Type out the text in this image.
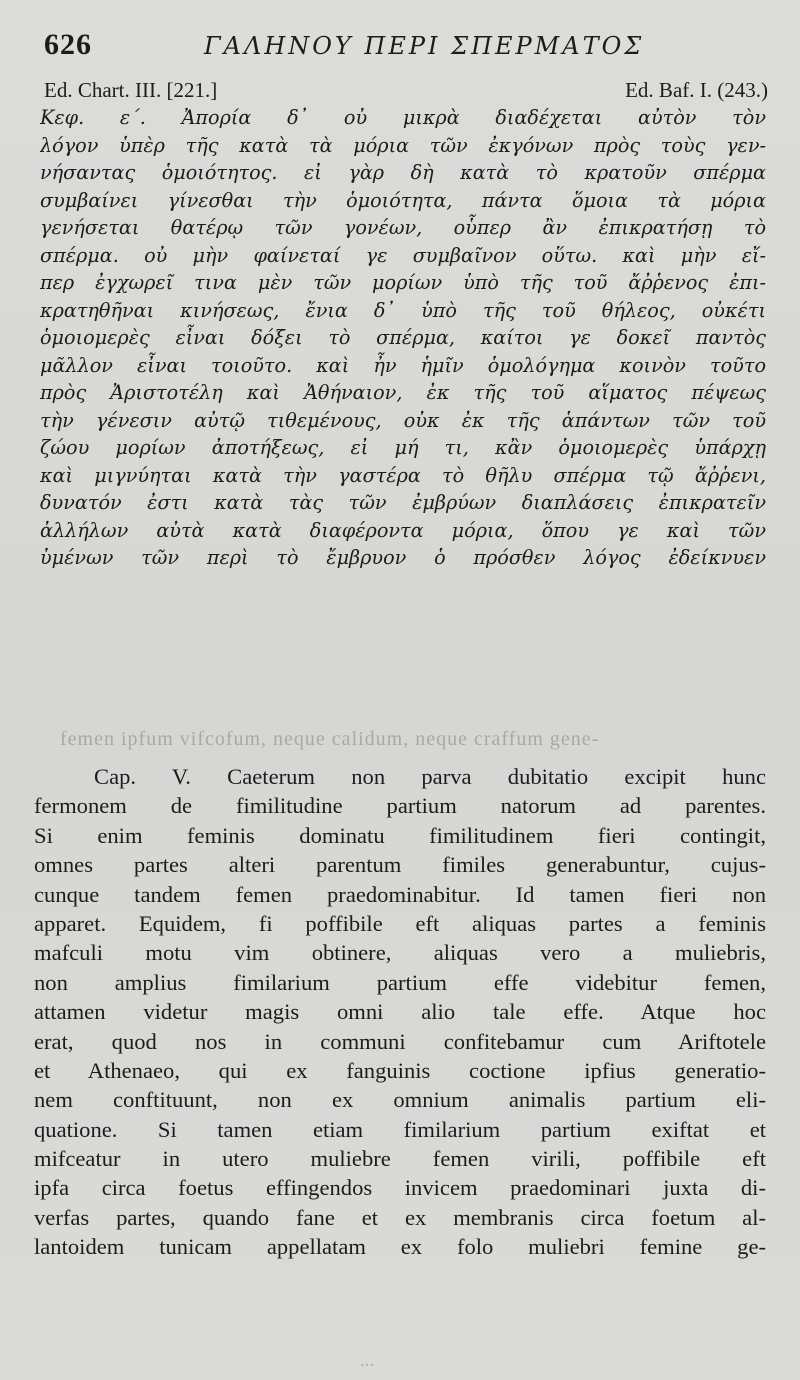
626	ΓΑΛΗΝΟΥ ΠΕΡΙ ΣΠΕΡΜΑΤΟΣ
Ed. Chart. III. [221.]	Ed. Baf. I. (243.)
Κεφ. ε΄. Ἀπορία δ᾽ οὐ μικρὰ διαδέχεται αὐτὸν τὸν
λόγον ὑπὲρ τῆς κατὰ τὰ μόρια τῶν ἐκγόνων πρὸς τοὺς γεν-
νήσαντας ὁμοιότητος. εἰ γὰρ δὴ κατὰ τὸ κρατοῦν σπέρμα
συμβαίνει γίνεσθαι τὴν ὁμοιότητα, πάντα ὅμοια τὰ μόρια
γενήσεται θατέρῳ τῶν γονέων, οὗπερ ἂν ἐπικρατήσῃ τὸ
σπέρμα. οὐ μὴν φαίνεταί γε συμβαῖνον οὕτω. καὶ μὴν εἴ-
περ ἐγχωρεῖ τινα μὲν τῶν μορίων ὑπὸ τῆς τοῦ ἄῤῥενος ἐπι-
κρατηθῆναι κινήσεως, ἔνια δ᾽ ὑπὸ τῆς τοῦ θήλεος, οὐκέτι
ὁμοιομερὲς εἶναι δόξει τὸ σπέρμα, καίτοι γε δοκεῖ παντὸς
μᾶλλον εἶναι τοιοῦτο. καὶ ἦν ἡμῖν ὁμολόγημα κοινὸν τοῦτο
πρὸς Ἀριστοτέλη καὶ Ἀθήναιον, ἐκ τῆς τοῦ αἵματος πέψεως
τὴν γένεσιν αὐτῷ τιθεμένους, οὐκ ἐκ τῆς ἁπάντων τῶν τοῦ
ζώου μορίων ἀποτήξεως, εἰ μή τι, κἂν ὁμοιομερὲς ὑπάρχῃ
καὶ μιγνύηται κατὰ τὴν γαστέρα τὸ θῆλυ σπέρμα τῷ ἄῤῥενι,
δυνατόν ἐστι κατὰ τὰς τῶν ἐμβρύων διαπλάσεις ἐπικρατεῖν
ἀλλήλων αὐτὰ κατὰ διαφέροντα μόρια, ὅπου γε καὶ τῶν
ὑμένων τῶν περὶ τὸ ἔμβρυον ὁ πρόσθεν λόγος ἐδείκνυεν
femen ipfum vifcofum, neque calidum, neque craffum gene-
Cap. V. Caeterum non parva dubitatio excipit hunc
fermonem de fimilitudine partium natorum ad parentes.
Si enim feminis dominatu fimilitudinem fieri contingit,
omnes partes alteri parentum fimiles generabuntur, cujus-
cunque tandem femen praedominabitur. Id tamen fieri non
apparet. Equidem, fi poffibile eft aliquas partes a feminis
mafculi motu vim obtinere, aliquas vero a muliebris,
non amplius fimilarium partium effe videbitur femen,
attamen videtur magis omni alio tale effe. Atque hoc
erat, quod nos in communi confitebamur cum Ariftotele
et Athenaeo, qui ex fanguinis coctione ipfius generatio-
nem conftituunt, non ex omnium animalis partium eli-
quatione. Si tamen etiam fimilarium partium exiftat et
mifceatur in utero muliebre femen virili, poffibile eft
ipfa circa foetus effingendos invicem praedominari juxta di-
verfas partes, quando fane et ex membranis circa foetum al-
lantoidem tunicam appellatam ex folo muliebri femine ge-
...
